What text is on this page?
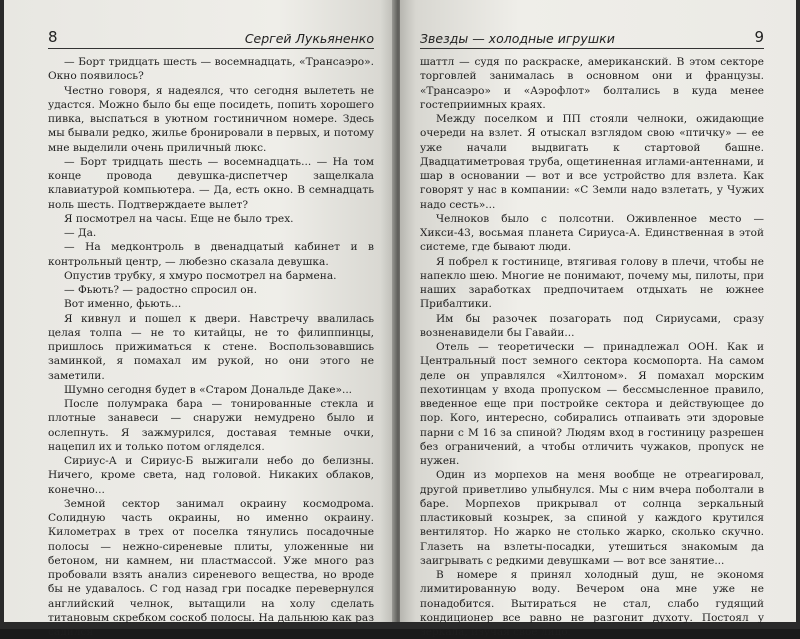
8	Сергей Лукьяненко

— Борт тридцать шесть — восемнадцать, «Трансаэро». Окно появилось?

Честно говоря, я надеялся, что сегодня вылететь не удастся. Можно было бы еще посидеть, попить хорошего пивка, выспаться в уютном гостиничном номере. Здесь мы бывали редко, жилье бронировали в первых, и потому мне выделили очень приличный люкс.

— Борт тридцать шесть — восемнадцать... — На том конце провода девушка-диспетчер защелкала клавиатурой компьютера. — Да, есть окно. В семнадцать ноль шесть. Подтверждаете вылет?

Я посмотрел на часы. Еще не было трех.

— Да.

— На медконтроль в двенадцатый кабинет и в контрольный центр, — любезно сказала девушка.

Опустив трубку, я хмуро посмотрел на барменa.

— Фьють? — радостно спросил он.

Вот именно, фьють...

Я кивнул и пошел к двери. Навстречу ввалилась целая толпа — не то китайцы, не то филиппинцы, пришлось прижиматься к стене. Воспользовавшись заминкой, я помахал им рукой, но они этого не заметили.

Шумно сегодня будет в «Старом Дональде Даке»...

После полумрака бара — тонированные стекла и плотные занавеси — снаружи немудрено было и ослепнуть. Я зажмурился, доставая темные очки, нацепил их и только потом огляделся.

Сириус-А и Сириус-Б выжигали небо до белизны. Ничего, кроме света, над головой. Никаких облаков, конечно...

Земной сектор занимал окраину космодрома. Солидную часть окраины, но именно окраину. Километрах в трех от поселка тянулись посадочные полосы — нежно-сиреневые плиты, уложенные ни бетоном, ни камнем, ни пластмассой. Уже много раз пробовали взять анализ сиреневого вещества, но вроде бы не удавалось. С год назад гри посадке перевернулся английский челнок, вытащили на холу сделать титановым скребком соскоб полосы. На дальнюю как раз садился

Звезды — холодные игрушки	9

шаттл — судя по раскраске, американский. В этом секторе торговлей занималась в основном они и французы. «Трансаэро» и «Аэрофлот» болтались в куда менее гостеприимных краях.

Между поселком и ПП стояли челноки, ожидающие очереди на взлет. Я отыскал взглядом свою «птичку» — ее уже начали выдвигать к стартовой башне. Двадцатиметровая труба, ощетиненная иглами-антеннами, и шар в основании — вот и все устройство для взлета. Как говорят у нас в компании: «С Земли надо взлетать, у Чужих надо сесть»...

Челноков было с полсотни. Оживленное место — Хикси-43, восьмая планета Сириуса-А. Единственная в этой системе, где бывают люди.

Я побрел к гостинице, втягивая голову в плечи, чтобы не напекло шею. Многие не понимают, почему мы, пилоты, при наших заработках предпочитаем отдыхать не южнее Прибалтики.

Им бы разочек позагорать под Сириусами, сразу возненавидели бы Гавайи...

Отель — теоретически — принадлежал ООН. Как и Центральный пост земного сектора космопорта. На самом деле он управлялся «Хилтоном». Я помахал морским пехотинцам у входа пропуском — бессмысленное правило, введенное еще при постройке сектора и действующее до пор. Кого, интересно, собирались отпаивать эти здоровые парни с М 16 за спиной? Людям вход в гостиницу разрешен без ограничений, а чтобы отличить чужаков, пропуск не нужен.

Один из морпехов на меня вообще не отреагировал, другой приветливо улыбнулся. Мы с ним вчера поболтали в баре. Морпехов прикрывал от солнца зеркальный пластиковый козырек, за спиной у каждого крутился вентилятор. Но жарко не столько жарко, сколько скучно. Глазеть на взлеты-посадки, утешиться знакомым да заигрывать с редкими девушками — вот все занятие...

В номере я принял холодный душ, не экономя лимитированную воду. Вечером она мне уже не понадобится. Вытираться не стал, слабо гудящий кондиционер все равно не разгонит духоту. Постоял у зеркала, изучая свое лицо.
